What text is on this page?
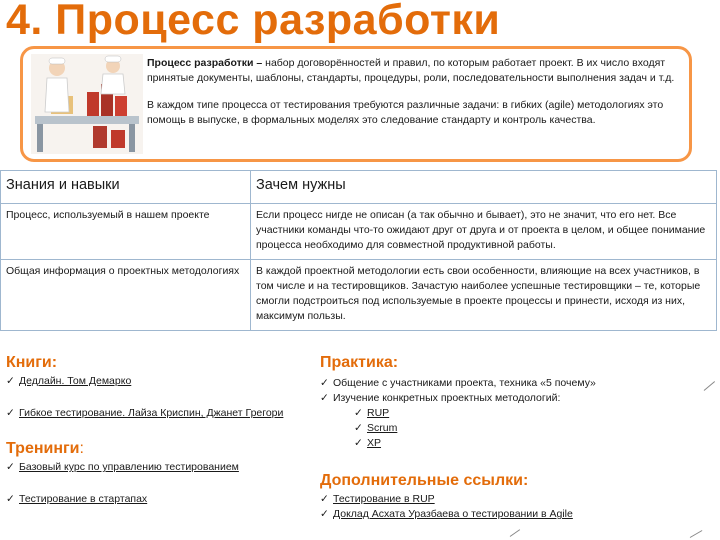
4. Процесс разработки

Процесс разработки – набор договорённостей и правил, по которым работает проект. В их число входят принятые документы, шаблоны, стандарты, процедуры, роли, последовательности выполнения задач и т.д.

В каждом типе процесса от тестирования требуются различные задачи: в гибких (agile) методологиях это помощь в выпуске, в формальных моделях это следование стандарту и контроль качества.

Знания и навыки	Зачем нужны
Процесс, используемый в нашем проекте	Если процесс нигде не описан (а так обычно и бывает), это не значит, что его нет. Все участники команды что-то ожидают друг от друга и от проекта в целом, и общее понимание процесса необходимо для совместной продуктивной работы.
Общая информация о проектных методологиях	В каждой проектной методологии есть свои особенности, влияющие на всех участников, в том числе и на тестировщиков. Зачастую наиболее успешные тестировщики – те, которые смогли подстроиться под используемые в проекте процессы и принести, исходя из них, максимум пользы.
Книги:
✓ Дедлайн. Том Демарко
✓ Гибкое тестирование. Лайза Криспин, Джанет Грегори
Тренинги:
✓ Базовый курс по управлению тестированием
✓ Тестирование в стартапах
Практика:
✓ Общение с участниками проекта, техника «5 почему»
✓ Изучение конкретных проектных методологий:
✓ RUP
✓ Scrum
✓ XP
Дополнительные ссылки:
✓ Тестирование в RUP
✓ Доклад Асхата Уразбаева о тестировании в Agile
